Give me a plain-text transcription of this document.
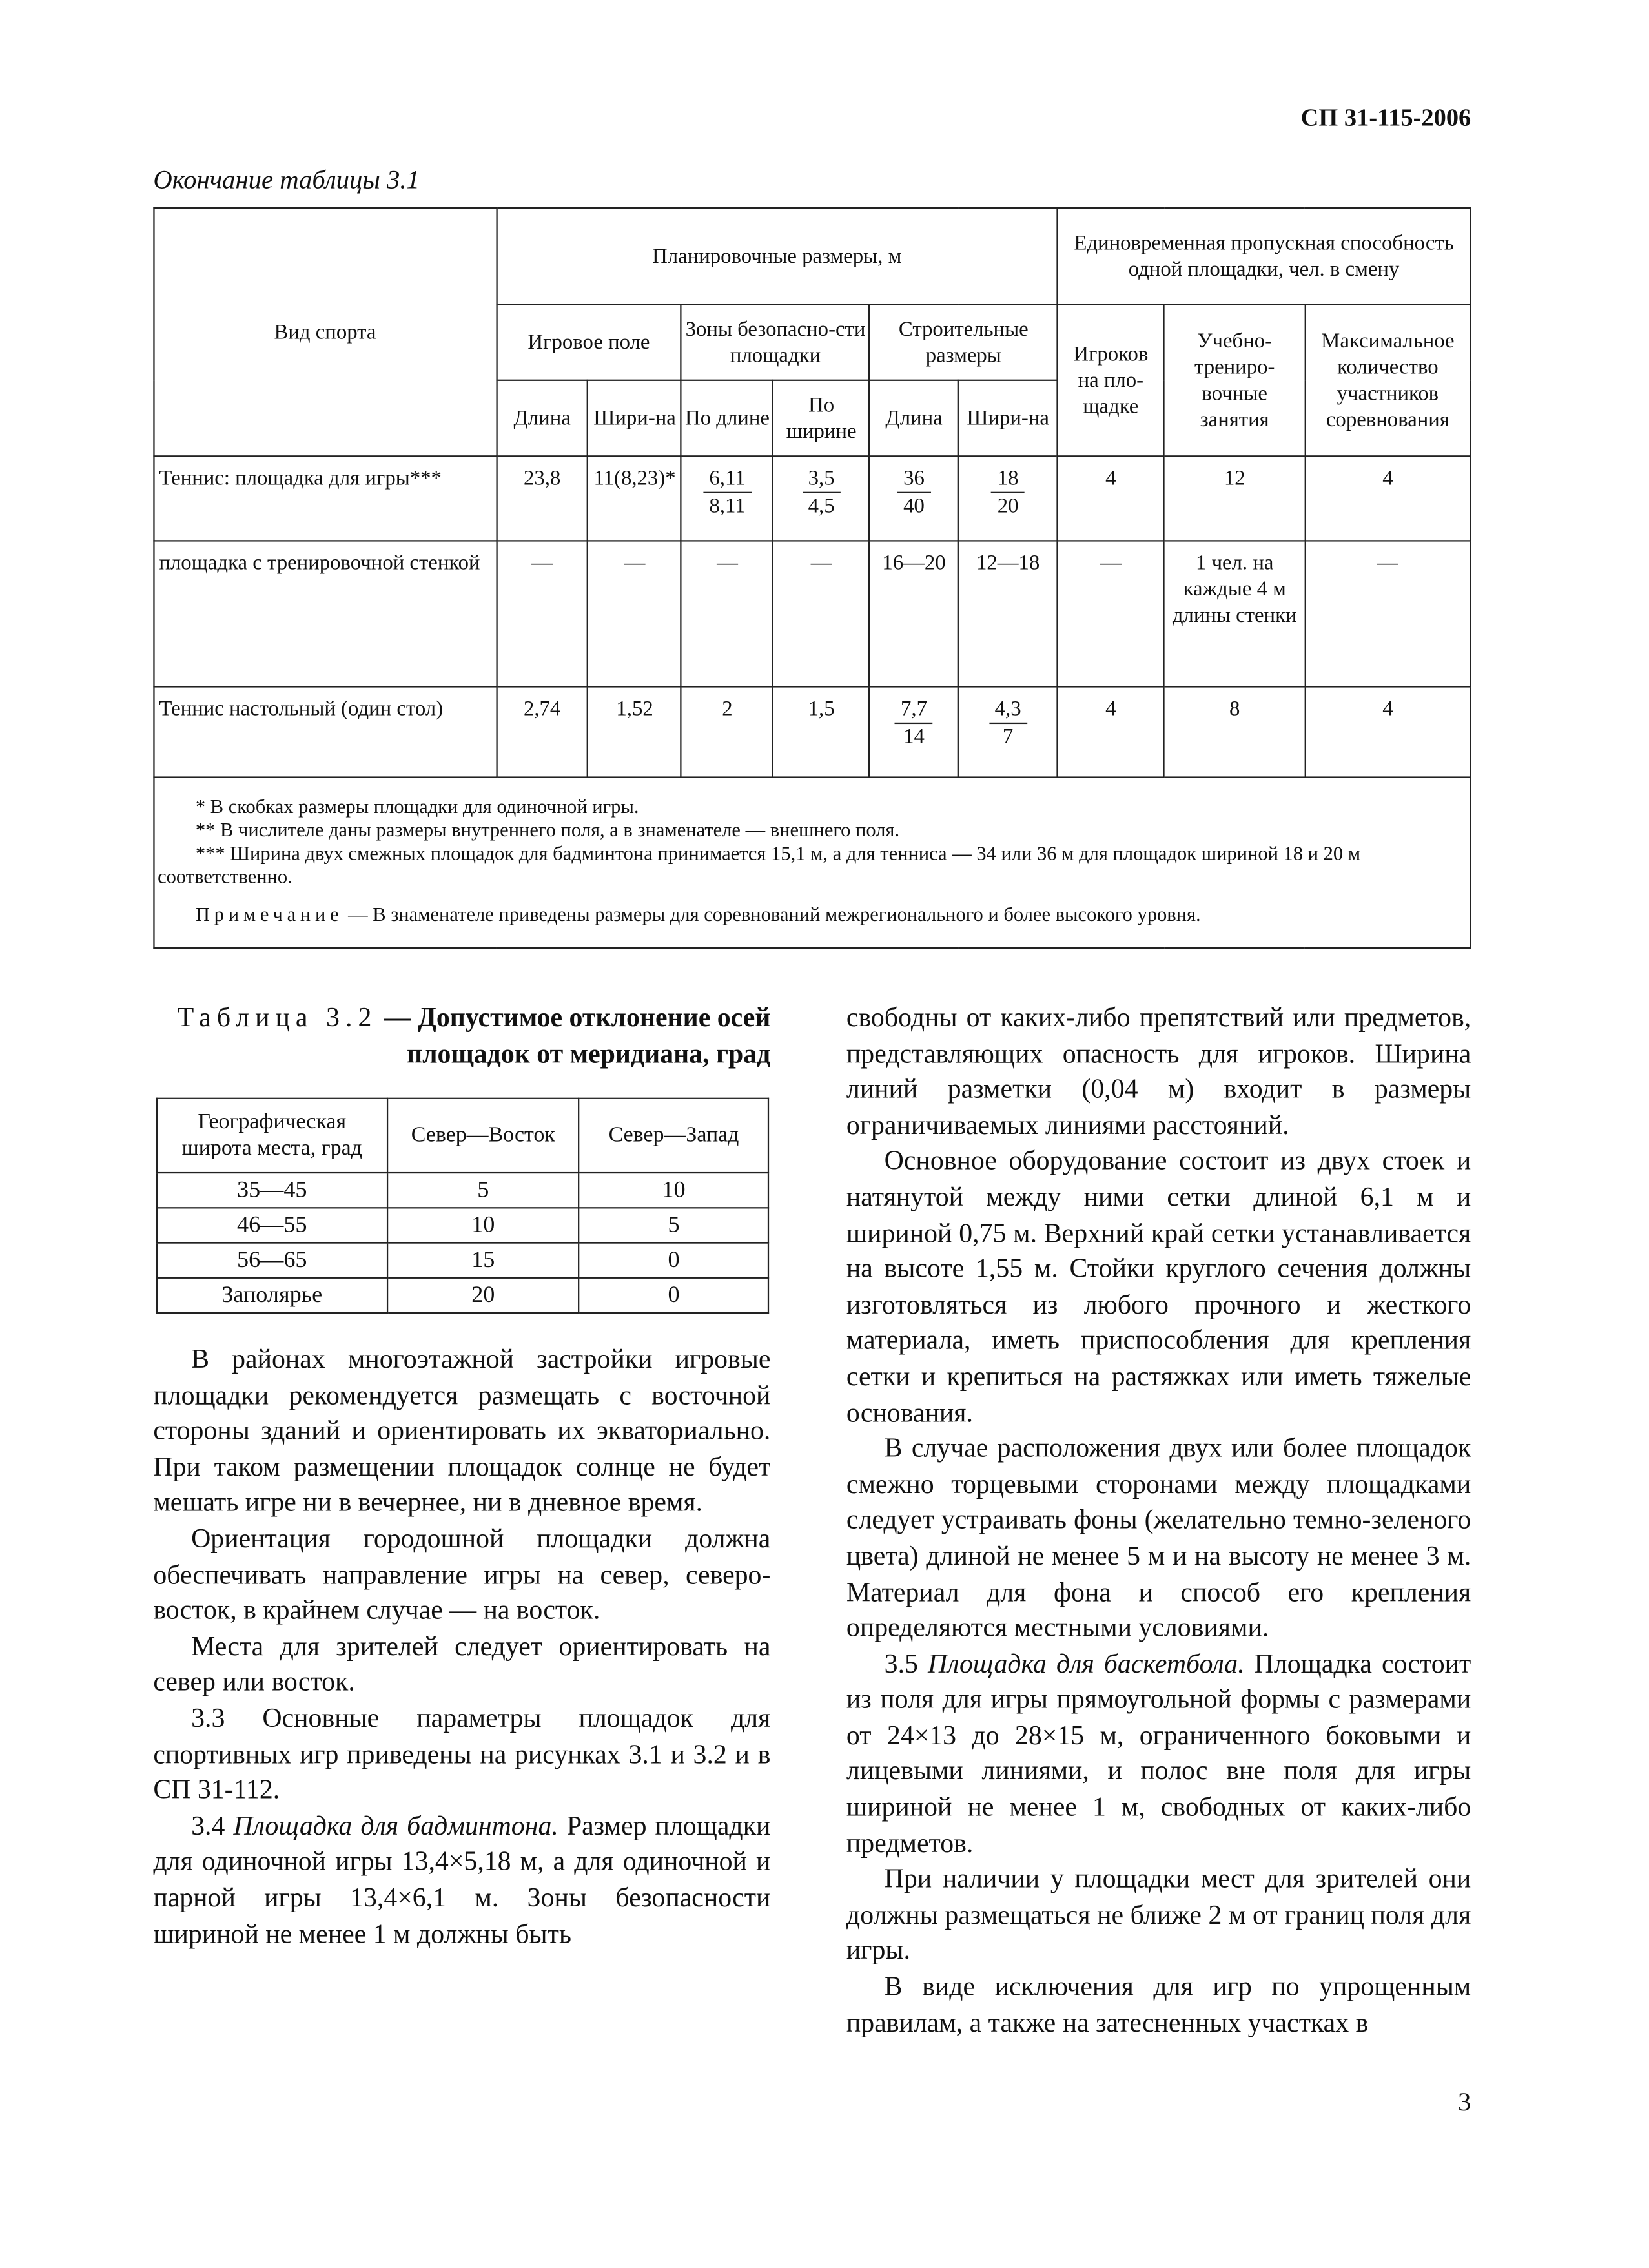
СП 31-115-2006
Окончание таблицы 3.1
Вид спорта	Планировочные размеры, м						Единовременная пропускная способность одной площадки, чел. в смену		
	Игровое поле		Зоны безопасно-сти площадки		Строительные размеры		Игроков на пло-щадке	Учебно-трениро-вочные занятия	Максимальное количество участников соревнования
	Длина	Шири-на	По длине	По ширине	Длина	Шири-на			
Теннис: площадка для игры***	23,8	11(8,23)*	$\frac{6,11}{8,11}$	$\frac{3,5}{4,5}$	$\frac{36}{40}$	$\frac{18}{20}$	4	12	4
площадка с тренировочной стенкой	—	—	—	—	16—20	12—18	—	1 чел. на каждые 4 м длины стенки	—
Теннис настольный (один стол)	2,74	1,52	2	1,5	$\frac{7,7}{14}$	$\frac{4,3}{7}$	4	8	4

* В скобках размеры площадки для одиночной игры.

** В числителе даны размеры внутреннего поля, а в знаменателе — внешнего поля.

*** Ширина двух смежных площадок для бадминтона принимается 15,1 м, а для тенниса — 34 или 36 м для площадок шириной 18 и 20 м соответственно.

Примечание — В знаменателе приведены размеры для соревнований межрегионального и более высокого уровня.									

Таблица 3.2 — Допустимое отклонение осей площадок от меридиана, град
Географическая широта места, град	Север—Восток	Север—Запад
35—45	5	10
46—55	10	5
56—65	15	0
Заполярье	20	0

В районах многоэтажной застройки игровые площадки рекомендуется размещать с восточной стороны зданий и ориентировать их экваториально. При таком размещении площадок солнце не будет мешать игре ни в вечернее, ни в дневное время.

Ориентация городошной площадки должна обеспечивать направление игры на север, северо-восток, в крайнем случае — на восток.

Места для зрителей следует ориентировать на север или восток.

3.3 Основные параметры площадок для спортивных игр приведены на рисунках 3.1 и 3.2 и в СП 31-112.

3.4 Площадка для бадминтона. Размер площадки для одиночной игры 13,4×5,18 м, а для одиночной и парной игры 13,4×6,1 м. Зоны безопасности шириной не менее 1 м должны быть

свободны от каких-либо препятствий или предметов, представляющих опасность для игроков. Ширина линий разметки (0,04 м) входит в размеры ограничиваемых линиями расстояний.

Основное оборудование состоит из двух стоек и натянутой между ними сетки длиной 6,1 м и шириной 0,75 м. Верхний край сетки устанавливается на высоте 1,55 м. Стойки круглого сечения должны изготовляться из любого прочного и жесткого материала, иметь приспособления для крепления сетки и крепиться на растяжках или иметь тяжелые основания.

В случае расположения двух или более площадок смежно торцевыми сторонами между площадками следует устраивать фоны (желательно темно-зеленого цвета) длиной не менее 5 м и на высоту не менее 3 м. Материал для фона и способ его крепления определяются местными условиями.

3.5 Площадка для баскетбола. Площадка состоит из поля для игры прямоугольной формы с размерами от 24×13 до 28×15 м, ограниченного боковыми и лицевыми линиями, и полос вне поля для игры шириной не менее 1 м, свободных от каких-либо предметов.

При наличии у площадки мест для зрителей они должны размещаться не ближе 2 м от границ поля для игры.

В виде исключения для игр по упрощенным правилам, а также на затесненных участках в

3
